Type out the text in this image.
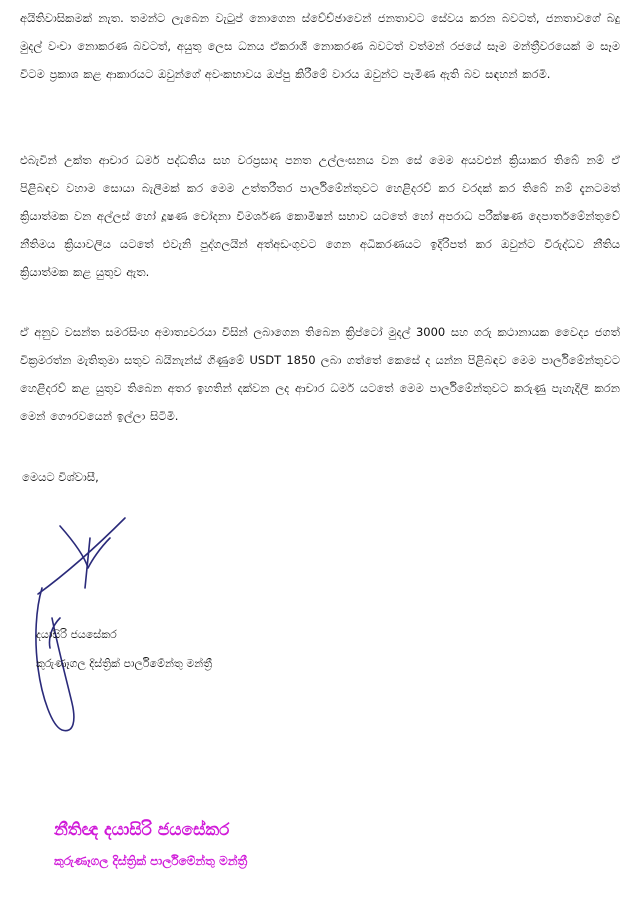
අයිතිවාසිකමක් නැත. තමන්ට ලැබෙන වැටුප් නොගෙන ස්වේච්ඡාවෙන් ජනතාවට සේවය කරන බවටත්, ජනතාවගේ බදු මුදල් වංචා නොකරණ බවටත්, අයුතු ලෙස ධනය ඒකරාශී නොකරණ බවටත් වත්මන් රජයේ සෑම මන්ත්‍රීවරයෙක් ම සෑම විටම ප්‍රකාශ කළ ආකාරයට ඔවුන්ගේ අවංකභාවය ඔප්පු කිරීමේ වාරය ඔවුන්ට පැමිණ ඇති බව සඳහන් කරමි.

එබැවින් උක්ත ආචාර ධර්ම පද්ධතිය සහ වරප්‍රසාද පනත උල්ලංඝනය වන සේ මෙම අයවළුන් ක්‍රියාකර තිබේ නම් ඒ පිළිබඳව වහාම සොයා බැලීමක් කර මෙම උත්තරීතර පාර්ලිමේන්තුවට හෙළිදරව් කර වරදක් කර තිබේ නම් දැනටමත් ක්‍රියාත්මක වන අල්ලස් හෝ දූෂණ චෝදනා විමර්ශණ කොමිෂන් සභාව යටතේ හෝ අපරාධ පරීක්ෂණ දෙපාර්තමේන්තුවේ නීතිමය ක්‍රියාවලිය යටතේ එවැනි පුද්ගලයින් අත්අඩංගුවට ගෙන අධිකරණයට ඉදිරිපත් කර ඔවුන්ට විරුද්ධව නීතිය ක්‍රියාත්මක කළ යුතුව ඇත.

ඒ අනුව වසන්ත සමරසිංහ අමාත්‍යවරයා විසින් ලබාගෙන තිබෙන ක්‍රිප්ටෝ මුදල් 3000 සහ ගරු කථානායක වෛද්‍ය ජගත් වික්‍රමරත්න මැතිතුමා සතුව බයිනැන්ස් ගිණුමේ USDT 1850 ලබා ගත්තේ කෙසේ ද යන්න පිළිබඳව මෙම පාර්ලිමේන්තුවට හෙළිදරව් කළ යුතුව තිබෙන අතර ඉහතින් දක්වන ලද ආචාර ධර්ම යටතේ මෙම පාර්ලිමේන්තුවට කරුණු පැහැදිලි කරන මෙන් ගෞරවයෙන් ඉල්ලා සිටිමි.

මෙයට විශ්වාසී,
දයාසිරි ජයසේකර
කුරුණෑගල දිස්ත්‍රික් පාර්ලිමේන්තු මන්ත්‍රී
නීතිඥ දයාසිරි ජයසේකර
කුරුණෑගල දිස්ත්‍රික් පාර්ලිමේන්තු මන්ත්‍රී
